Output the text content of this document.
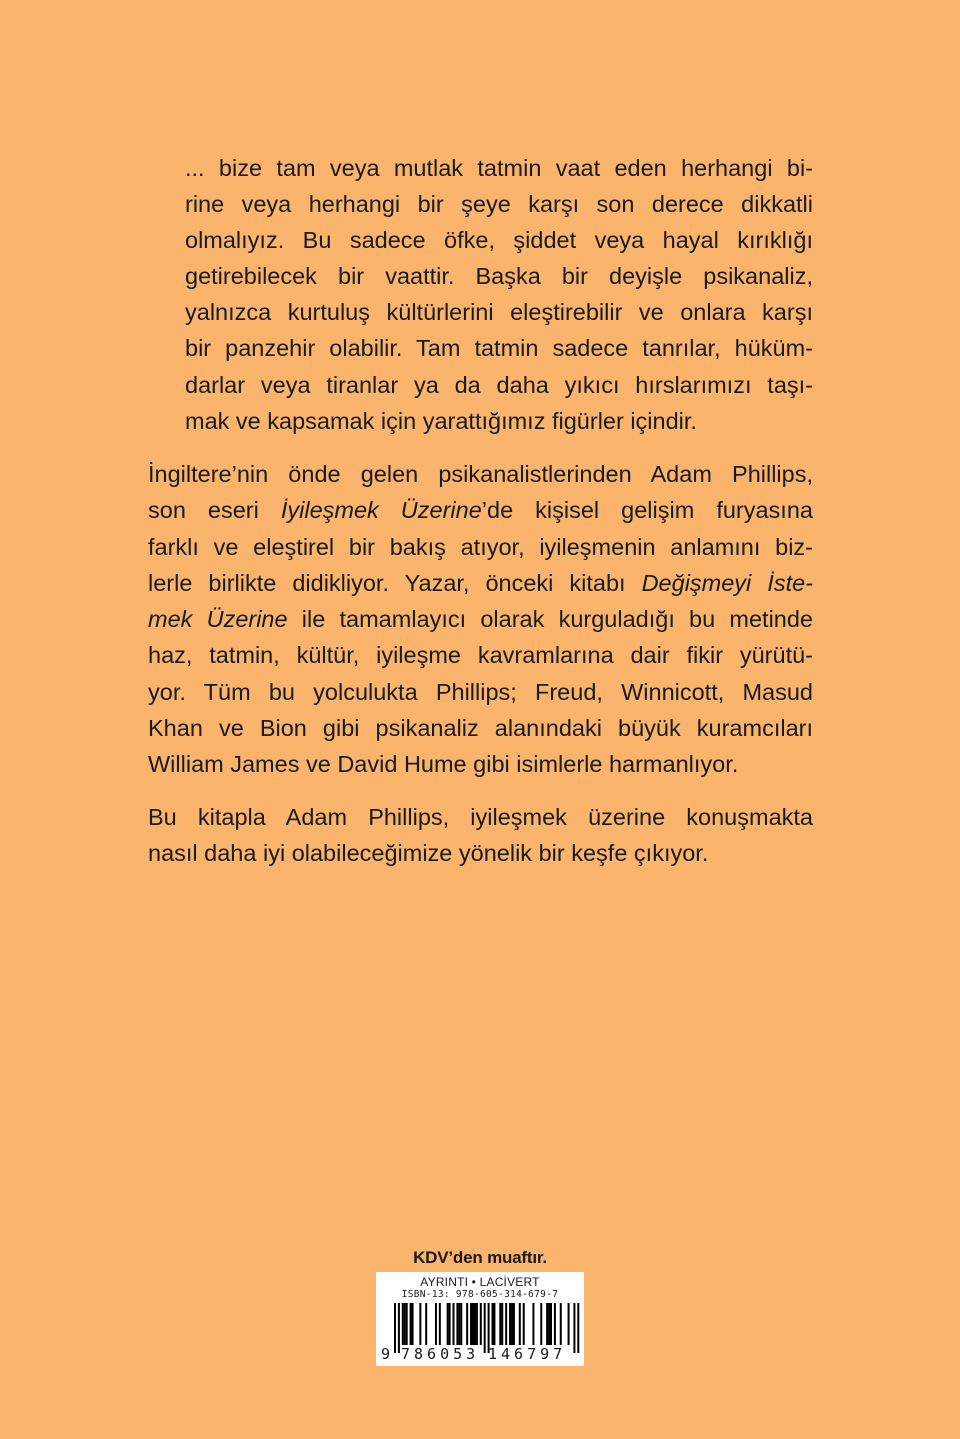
... bize tam veya mutlak tatmin vaat eden herhangi bi-
rine veya herhangi bir şeye karşı son derece dikkatli
olmalıyız. Bu sadece öfke, şiddet veya hayal kırıklığı
getirebilecek bir vaattir. Başka bir deyişle psikanaliz,
yalnızca kurtuluş kültürlerini eleştirebilir ve onlara karşı
bir panzehir olabilir. Tam tatmin sadece tanrılar, hüküm-
darlar veya tiranlar ya da daha yıkıcı hırslarımızı taşı-
mak ve kapsamak için yarattığımız figürler içindir.

İngiltere’nin önde gelen psikanalistlerinden Adam Phillips,
son eseri İyileşmek Üzerine’de kişisel gelişim furyasına
farklı ve eleştirel bir bakış atıyor, iyileşmenin anlamını biz-
lerle birlikte didikliyor. Yazar, önceki kitabı Değişmeyi İste-
mek Üzerine ile tamamlayıcı olarak kurguladığı bu metinde
haz, tatmin, kültür, iyileşme kavramlarına dair fikir yürütü-
yor. Tüm bu yolculukta Phillips; Freud, Winnicott, Masud
Khan ve Bion gibi psikanaliz alanındaki büyük kuramcıları
William James ve David Hume gibi isimlerle harmanlıyor.

Bu kitapla Adam Phillips, iyileşmek üzerine konuşmakta
nasıl daha iyi olabileceğimize yönelik bir keşfe çıkıyor.

KDV’den muaftır.
AYRINTI • LACİVERT
ISBN-13: 978-605-314-679-7
9 786053 146797
